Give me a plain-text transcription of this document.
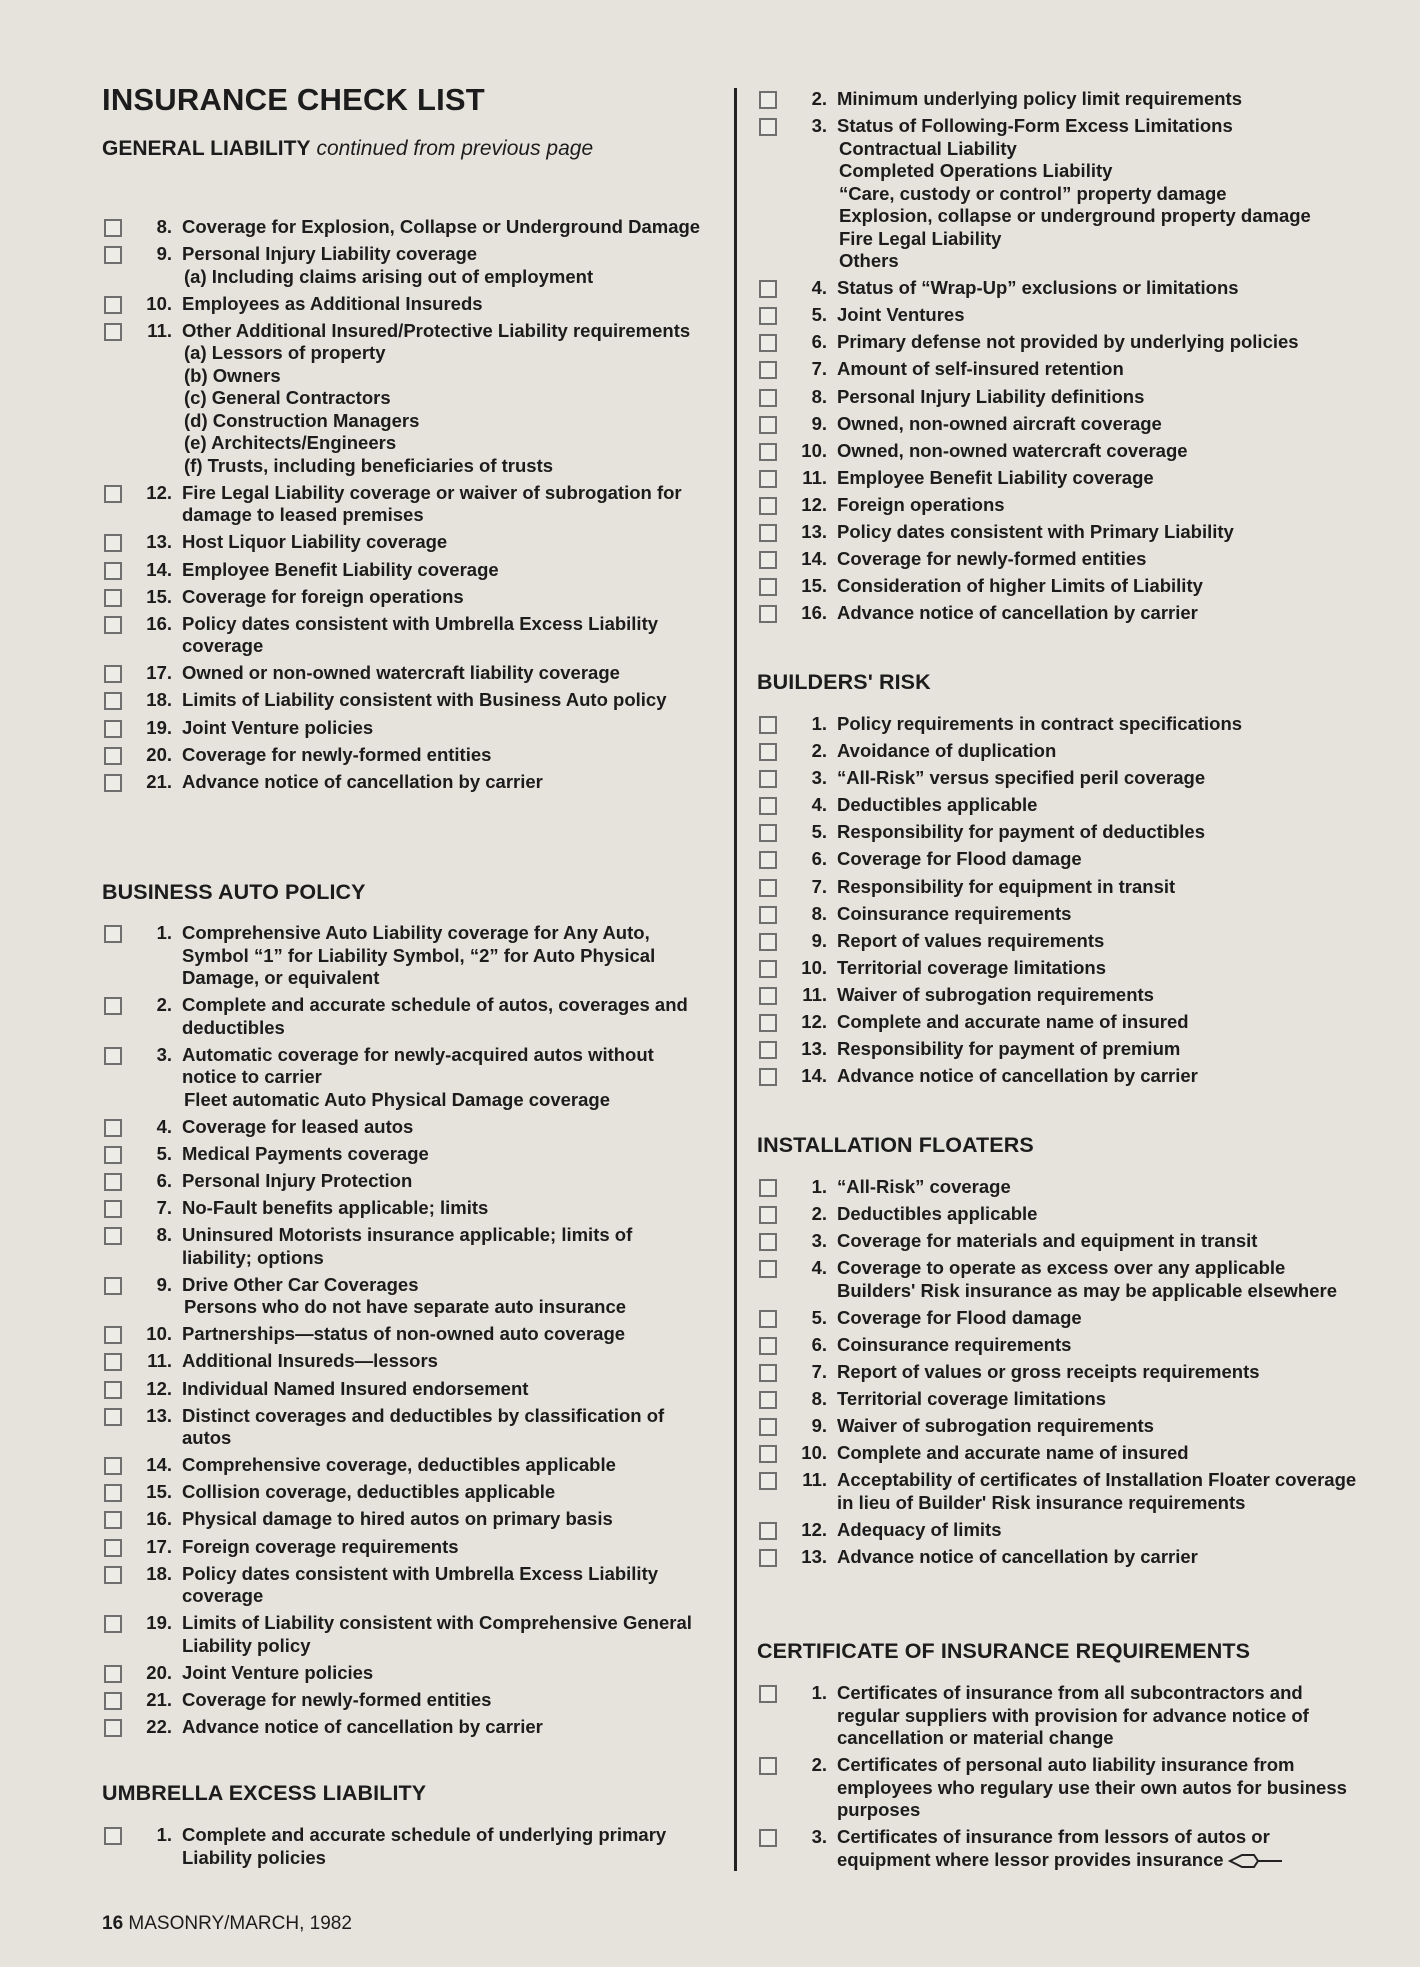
INSURANCE CHECK LIST

GENERAL LIABILITY continued from previous page

8. Coverage for Explosion, Collapse or Underground Damage
9. Personal Injury Liability coverage
(a) Including claims arising out of employment
10. Employees as Additional Insureds
11. Other Additional Insured/Protective Liability requirements
(a) Lessors of property
(b) Owners
(c) General Contractors
(d) Construction Managers
(e) Architects/Engineers
(f) Trusts, including beneficiaries of trusts
12. Fire Legal Liability coverage or waiver of subrogation for damage to leased premises
13. Host Liquor Liability coverage
14. Employee Benefit Liability coverage
15. Coverage for foreign operations
16. Policy dates consistent with Umbrella Excess Liability coverage
17. Owned or non-owned watercraft liability coverage
18. Limits of Liability consistent with Business Auto policy
19. Joint Venture policies
20. Coverage for newly-formed entities
21. Advance notice of cancellation by carrier
BUSINESS AUTO POLICY
1. Comprehensive Auto Liability coverage for Any Auto, Symbol “1” for Liability Symbol, “2” for Auto Physical Damage, or equivalent
2. Complete and accurate schedule of autos, coverages and deductibles
3. Automatic coverage for newly-acquired autos without notice to carrier
Fleet automatic Auto Physical Damage coverage
4. Coverage for leased autos
5. Medical Payments coverage
6. Personal Injury Protection
7. No-Fault benefits applicable; limits
8. Uninsured Motorists insurance applicable; limits of liability; options
9. Drive Other Car Coverages
Persons who do not have separate auto insurance
10. Partnerships—status of non-owned auto coverage
11. Additional Insureds—lessors
12. Individual Named Insured endorsement
13. Distinct coverages and deductibles by classification of autos
14. Comprehensive coverage, deductibles applicable
15. Collision coverage, deductibles applicable
16. Physical damage to hired autos on primary basis
17. Foreign coverage requirements
18. Policy dates consistent with Umbrella Excess Liability coverage
19. Limits of Liability consistent with Comprehensive General Liability policy
20. Joint Venture policies
21. Coverage for newly-formed entities
22. Advance notice of cancellation by carrier
UMBRELLA EXCESS LIABILITY
1. Complete and accurate schedule of underlying primary Liability policies
2. Minimum underlying policy limit requirements
3. Status of Following-Form Excess Limitations
Contractual Liability
Completed Operations Liability
“Care, custody or control” property damage
Explosion, collapse or underground property damage
Fire Legal Liability
Others
4. Status of “Wrap-Up” exclusions or limitations
5. Joint Ventures
6. Primary defense not provided by underlying policies
7. Amount of self-insured retention
8. Personal Injury Liability definitions
9. Owned, non-owned aircraft coverage
10. Owned, non-owned watercraft coverage
11. Employee Benefit Liability coverage
12. Foreign operations
13. Policy dates consistent with Primary Liability
14. Coverage for newly-formed entities
15. Consideration of higher Limits of Liability
16. Advance notice of cancellation by carrier
BUILDERS' RISK
1. Policy requirements in contract specifications
2. Avoidance of duplication
3. “All-Risk” versus specified peril coverage
4. Deductibles applicable
5. Responsibility for payment of deductibles
6. Coverage for Flood damage
7. Responsibility for equipment in transit
8. Coinsurance requirements
9. Report of values requirements
10. Territorial coverage limitations
11. Waiver of subrogation requirements
12. Complete and accurate name of insured
13. Responsibility for payment of premium
14. Advance notice of cancellation by carrier
INSTALLATION FLOATERS
1. “All-Risk” coverage
2. Deductibles applicable
3. Coverage for materials and equipment in transit
4. Coverage to operate as excess over any applicable Builders' Risk insurance as may be applicable elsewhere
5. Coverage for Flood damage
6. Coinsurance requirements
7. Report of values or gross receipts requirements
8. Territorial coverage limitations
9. Waiver of subrogation requirements
10. Complete and accurate name of insured
11. Acceptability of certificates of Installation Floater coverage in lieu of Builder' Risk insurance requirements
12. Adequacy of limits
13. Advance notice of cancellation by carrier
CERTIFICATE OF INSURANCE REQUIREMENTS
1. Certificates of insurance from all subcontractors and regular suppliers with provision for advance notice of cancellation or material change
2. Certificates of personal auto liability insurance from employees who regulary use their own autos for business purposes
3. Certificates of insurance from lessors of autos or equipment where lessor provides insurance

16 MASONRY/MARCH, 1982
